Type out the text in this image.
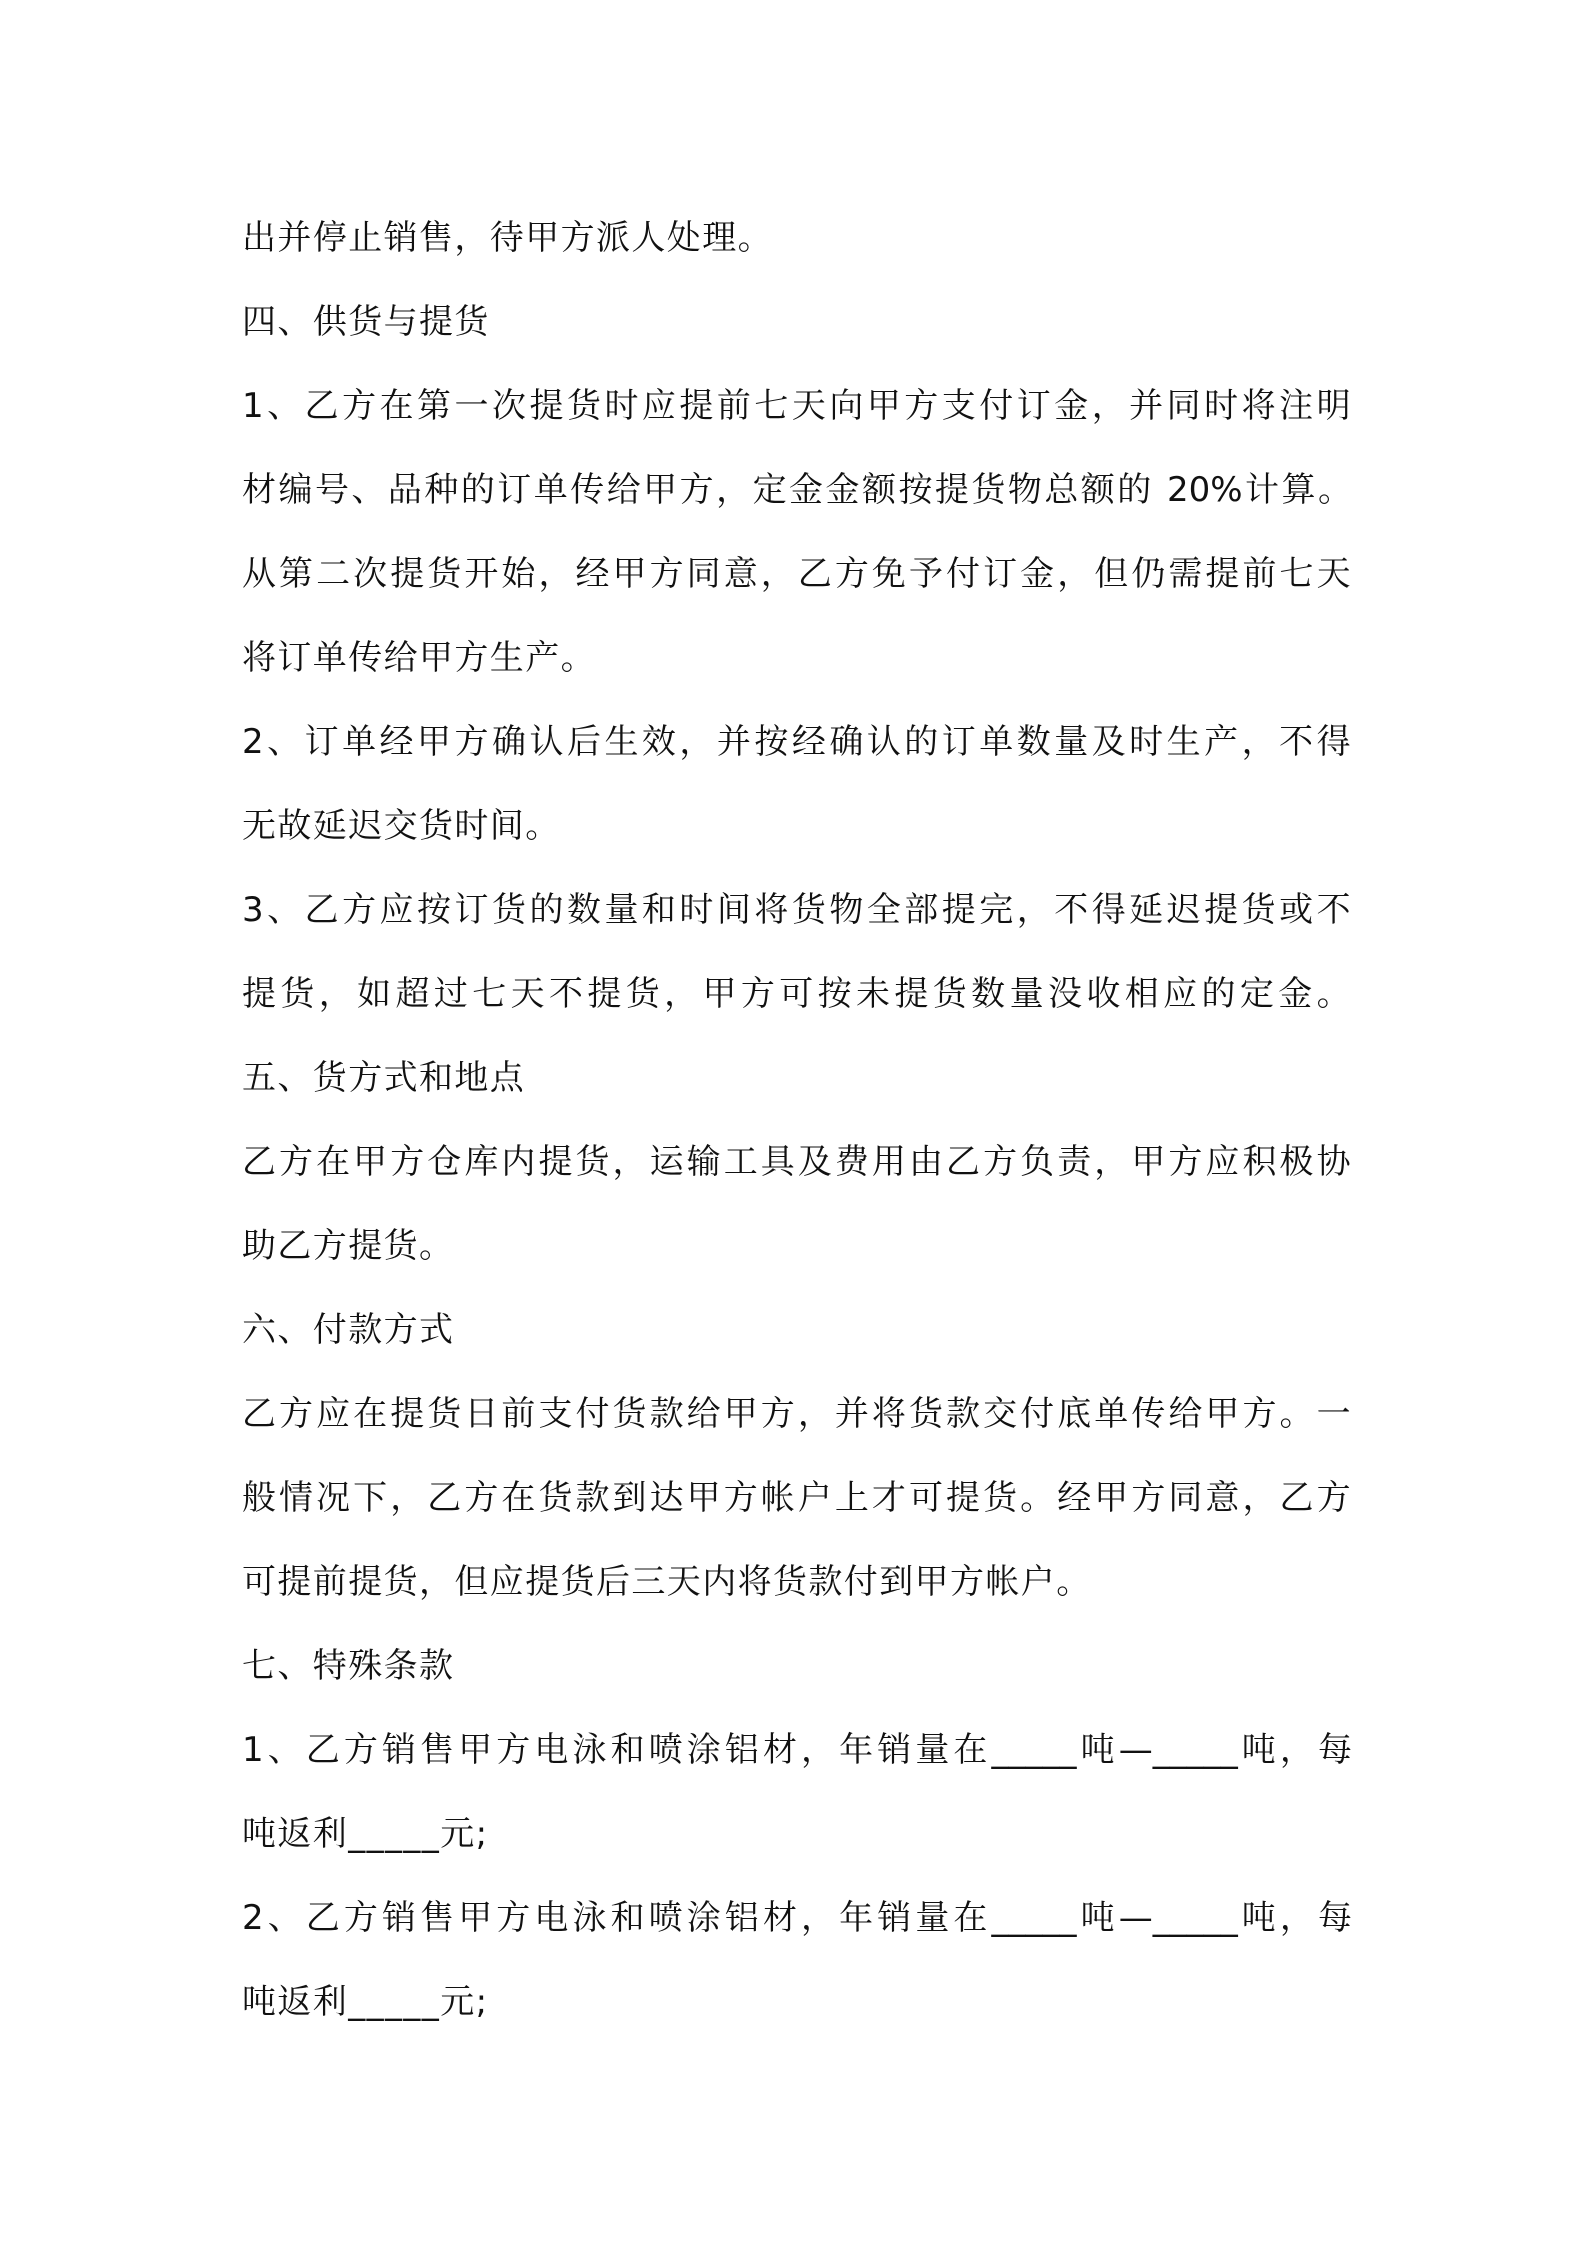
出并停止销售，待甲方派人处理。
四、供货与提货
1、乙方在第一次提货时应提前七天向甲方支付订金，并同时将注明
材编号、品种的订单传给甲方，定金金额按提货物总额的 20%计算。
从第二次提货开始，经甲方同意，乙方免予付订金，但仍需提前七天
将订单传给甲方生产。
2、订单经甲方确认后生效，并按经确认的订单数量及时生产，不得
无故延迟交货时间。
3、乙方应按订货的数量和时间将货物全部提完，不得延迟提货或不
提货，如超过七天不提货，甲方可按未提货数量没收相应的定金。
五、货方式和地点
乙方在甲方仓库内提货，运输工具及费用由乙方负责，甲方应积极协
助乙方提货。
六、付款方式
乙方应在提货日前支付货款给甲方，并将货款交付底单传给甲方。一
般情况下，乙方在货款到达甲方帐户上才可提货。经甲方同意，乙方
可提前提货，但应提货后三天内将货款付到甲方帐户。
七、特殊条款
1、乙方销售甲方电泳和喷涂铝材，年销量在_____吨—_____吨，每
吨返利_____元;
2、乙方销售甲方电泳和喷涂铝材，年销量在_____吨—_____吨，每
吨返利_____元;
